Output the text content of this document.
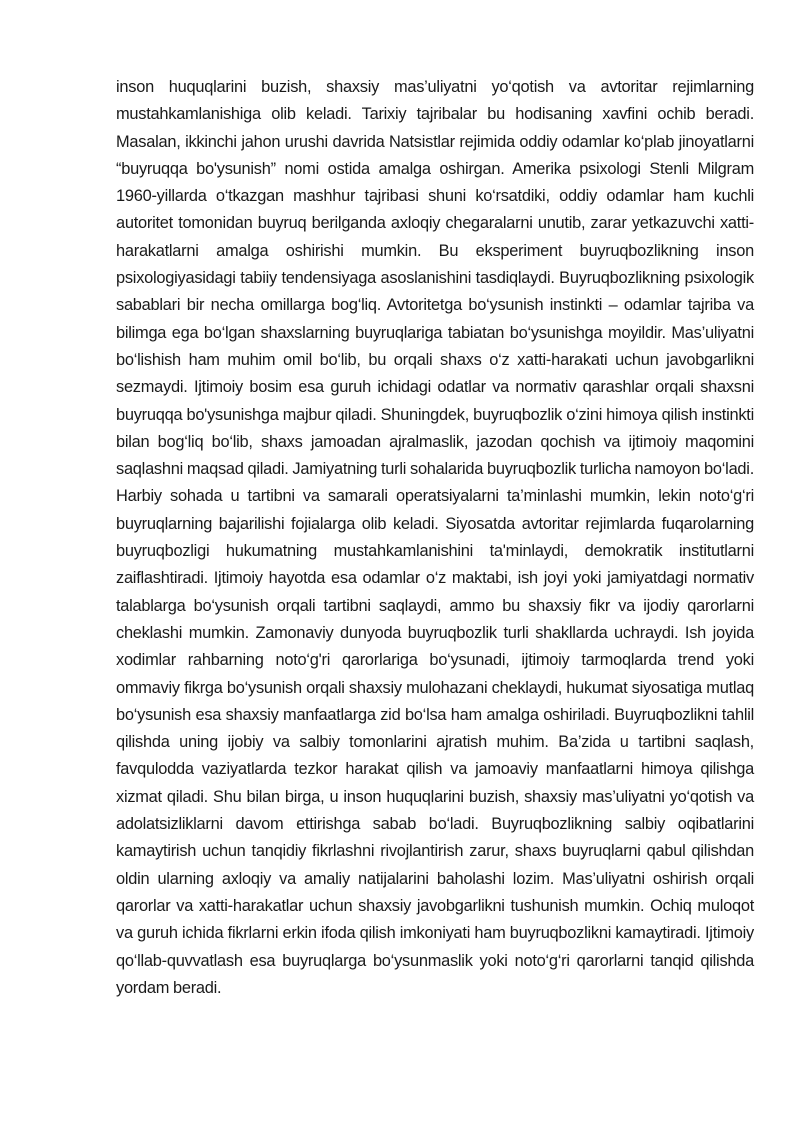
inson huquqlarini buzish, shaxsiy mas’uliyatni yo‘qotish va avtoritar rejimlarning mustahkamlanishiga olib keladi. Tarixiy tajribalar bu hodisaning xavfini ochib beradi. Masalan, ikkinchi jahon urushi davrida Natsistlar rejimida oddiy odamlar ko‘plab jinoyatlarni “buyruqqa bo'ysunish” nomi ostida amalga oshirgan. Amerika psixologi Stenli Milgram 1960-yillarda o‘tkazgan mashhur tajribasi shuni ko‘rsatdiki, oddiy odamlar ham kuchli autoritet tomonidan buyruq berilganda axloqiy chegaralarni unutib, zarar yetkazuvchi xatti-harakatlarni amalga oshirishi mumkin. Bu eksperiment buyruqbozlikning inson psixologiyasidagi tabiiy tendensiyaga asoslanishini tasdiqlaydi. Buyruqbozlikning psixologik sabablari bir necha omillarga bog‘liq. Avtoritetga bo‘ysunish instinkti – odamlar tajriba va bilimga ega bo‘lgan shaxslarning buyruqlariga tabiatan bo‘ysunishga moyildir. Mas’uliyatni bo‘lishish ham muhim omil bo‘lib, bu orqali shaxs o‘z xatti-harakati uchun javobgarlikni sezmaydi. Ijtimoiy bosim esa guruh ichidagi odatlar va normativ qarashlar orqali shaxsni buyruqqa bo'ysunishga majbur qiladi. Shuningdek, buyruqbozlik o‘zini himoya qilish instinkti bilan bog‘liq bo‘lib, shaxs jamoadan ajralmaslik, jazodan qochish va ijtimoiy maqomini saqlashni maqsad qiladi. Jamiyatning turli sohalarida buyruqbozlik turlicha namoyon bo‘ladi. Harbiy sohada u tartibni va samarali operatsiyalarni ta’minlashi mumkin, lekin noto‘g‘ri buyruqlarning bajarilishi fojialarga olib keladi. Siyosatda avtoritar rejimlarda fuqarolarning buyruqbozligi hukumatning mustahkamlanishini ta'minlaydi, demokratik institutlarni zaiflashtiradi. Ijtimoiy hayotda esa odamlar o‘z maktabi, ish joyi yoki jamiyatdagi normativ talablarga bo‘ysunish orqali tartibni saqlaydi, ammo bu shaxsiy fikr va ijodiy qarorlarni cheklashi mumkin. Zamonaviy dunyoda buyruqbozlik turli shakllarda uchraydi. Ish joyida xodimlar rahbarning noto‘g'ri qarorlariga bo‘ysunadi, ijtimoiy tarmoqlarda trend yoki ommaviy fikrga bo‘ysunish orqali shaxsiy mulohazani cheklaydi, hukumat siyosatiga mutlaq bo‘ysunish esa shaxsiy manfaatlarga zid bo‘lsa ham amalga oshiriladi. Buyruqbozlikni tahlil qilishda uning ijobiy va salbiy tomonlarini ajratish muhim. Ba’zida u tartibni saqlash, favqulodda vaziyatlarda tezkor harakat qilish va jamoaviy manfaatlarni himoya qilishga xizmat qiladi. Shu bilan birga, u inson huquqlarini buzish, shaxsiy mas’uliyatni yo‘qotish va adolatsizliklarni davom ettirishga sabab bo‘ladi. Buyruqbozlikning salbiy oqibatlarini kamaytirish uchun tanqidiy fikrlashni rivojlantirish zarur, shaxs buyruqlarni qabul qilishdan oldin ularning axloqiy va amaliy natijalarini baholashi lozim. Mas’uliyatni oshirish orqali qarorlar va xatti-harakatlar uchun shaxsiy javobgarlikni tushunish mumkin. Ochiq muloqot va guruh ichida fikrlarni erkin ifoda qilish imkoniyati ham buyruqbozlikni kamaytiradi. Ijtimoiy qo‘llab-quvvatlash esa buyruqlarga bo‘ysunmaslik yoki noto‘g‘ri qarorlarni tanqid qilishda yordam beradi.
